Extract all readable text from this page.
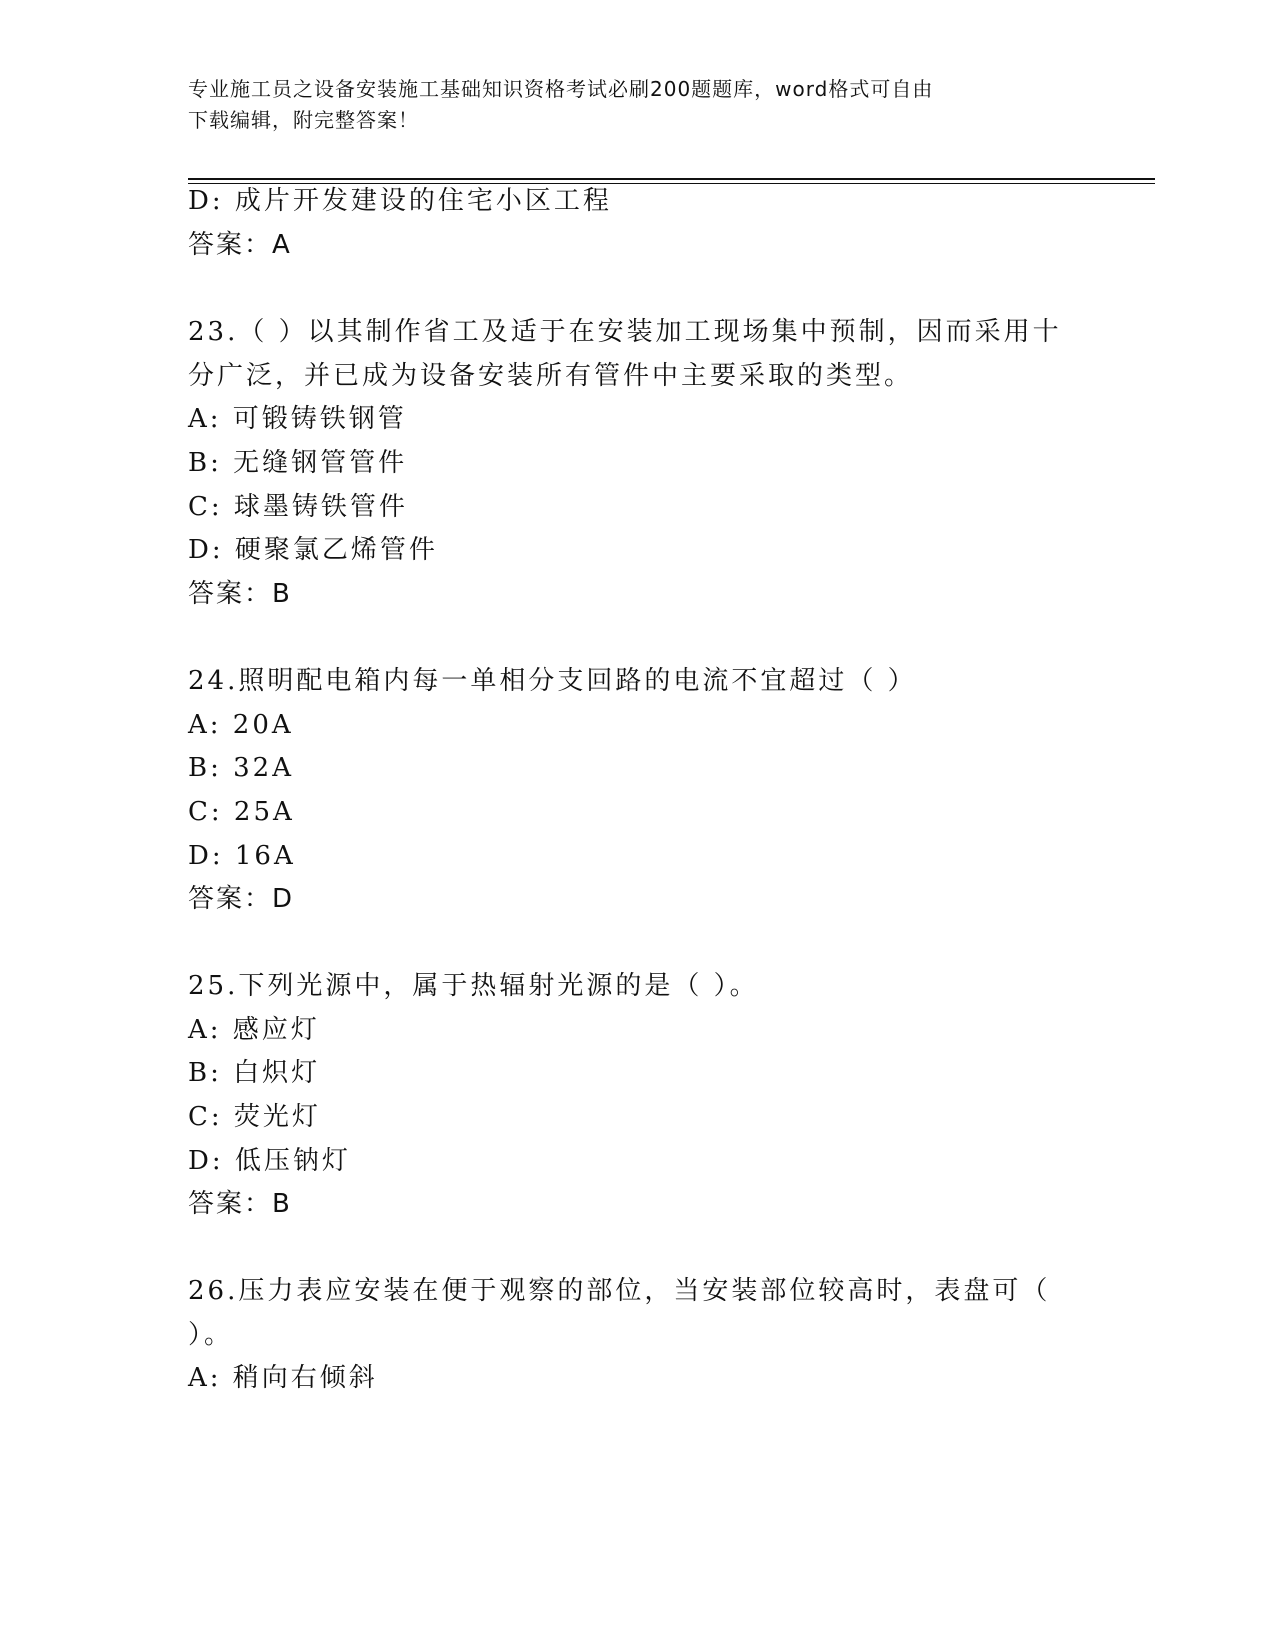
专业施工员之设备安装施工基础知识资格考试必刷200题题库，word格式可自由
下载编辑，附完整答案！
D: 成片开发建设的住宅小区工程
答案：A
23.（ ）以其制作省工及适于在安装加工现场集中预制，因而采用十
分广泛，并已成为设备安装所有管件中主要采取的类型。
A: 可锻铸铁钢管
B: 无缝钢管管件
C: 球墨铸铁管件
D: 硬聚氯乙烯管件
答案：B
24.照明配电箱内每一单相分支回路的电流不宜超过（ ）
A: 20A
B: 32A
C: 25A
D: 16A
答案：D
25.下列光源中，属于热辐射光源的是（ ）。
A: 感应灯
B: 白炽灯
C: 荧光灯
D: 低压钠灯
答案：B
26.压力表应安装在便于观察的部位，当安装部位较高时，表盘可（
）。
A: 稍向右倾斜
